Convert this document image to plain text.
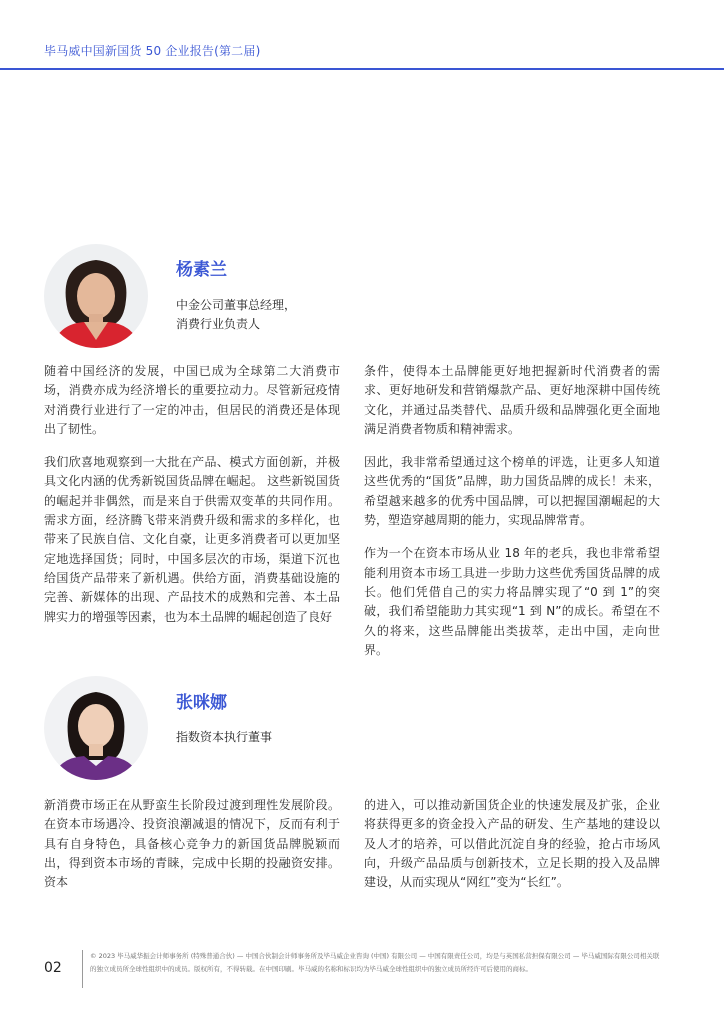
毕马威中国新国货 50 企业报告(第二届)
杨素兰
中金公司董事总经理，
消费行业负责人

随着中国经济的发展，中国已成为全球第二大消费市场，消费亦成为经济增长的重要拉动力。尽管新冠疫情对消费行业进行了一定的冲击，但居民的消费还是体现出了韧性。

我们欣喜地观察到一大批在产品、模式方面创新，并极具文化内涵的优秀新锐国货品牌在崛起。 这些新锐国货的崛起并非偶然，而是来自于供需双变革的共同作用。需求方面，经济腾飞带来消费升级和需求的多样化，也带来了民族自信、文化自豪，让更多消费者可以更加坚定地选择国货；同时，中国多层次的市场，渠道下沉也给国货产品带来了新机遇。供给方面，消费基础设施的完善、新媒体的出现、产品技术的成熟和完善、本土品牌实力的增强等因素，也为本土品牌的崛起创造了良好

条件，使得本土品牌能更好地把握新时代消费者的需求、更好地研发和营销爆款产品、更好地深耕中国传统文化，并通过品类替代、品质升级和品牌强化更全面地满足消费者物质和精神需求。

因此，我非常希望通过这个榜单的评选，让更多人知道这些优秀的“国货”品牌，助力国货品牌的成长！未来，希望越来越多的优秀中国品牌，可以把握国潮崛起的大势，塑造穿越周期的能力，实现品牌常青。

作为一个在资本市场从业 18 年的老兵，我也非常希望能利用资本市场工具进一步助力这些优秀国货品牌的成长。他们凭借自己的实力将品牌实现了“0 到 1”的突破，我们希望能助力其实现“1 到 N”的成长。希望在不久的将来，这些品牌能出类拔萃，走出中国，走向世界。

张咪娜
指数资本执行董事

新消费市场正在从野蛮生长阶段过渡到理性发展阶段。在资本市场遇冷、投资浪潮减退的情况下，反而有利于具有自身特色，具备核心竞争力的新国货品牌脱颖而出，得到资本市场的青睐，完成中长期的投融资安排。资本

的进入，可以推动新国货企业的快速发展及扩张，企业将获得更多的资金投入产品的研发、生产基地的建设以及人才的培养，可以借此沉淀自身的经验，抢占市场风向，升级产品品质与创新技术，立足长期的投入及品牌建设，从而实现从“网红”变为“长红”。

02
© 2023 毕马威华振会计师事务所 (特殊普通合伙) — 中国合伙制会计师事务所及毕马威企业咨询 (中国) 有限公司 — 中国有限责任公司，均是与英国私营担保有限公司 — 毕马威国际有限公司相关联的独立成员所全球性组织中的成员。版权所有，不得转载。在中国印刷。毕马威的名称和标识均为毕马威全球性组织中的独立成员所经许可后使用的商标。
